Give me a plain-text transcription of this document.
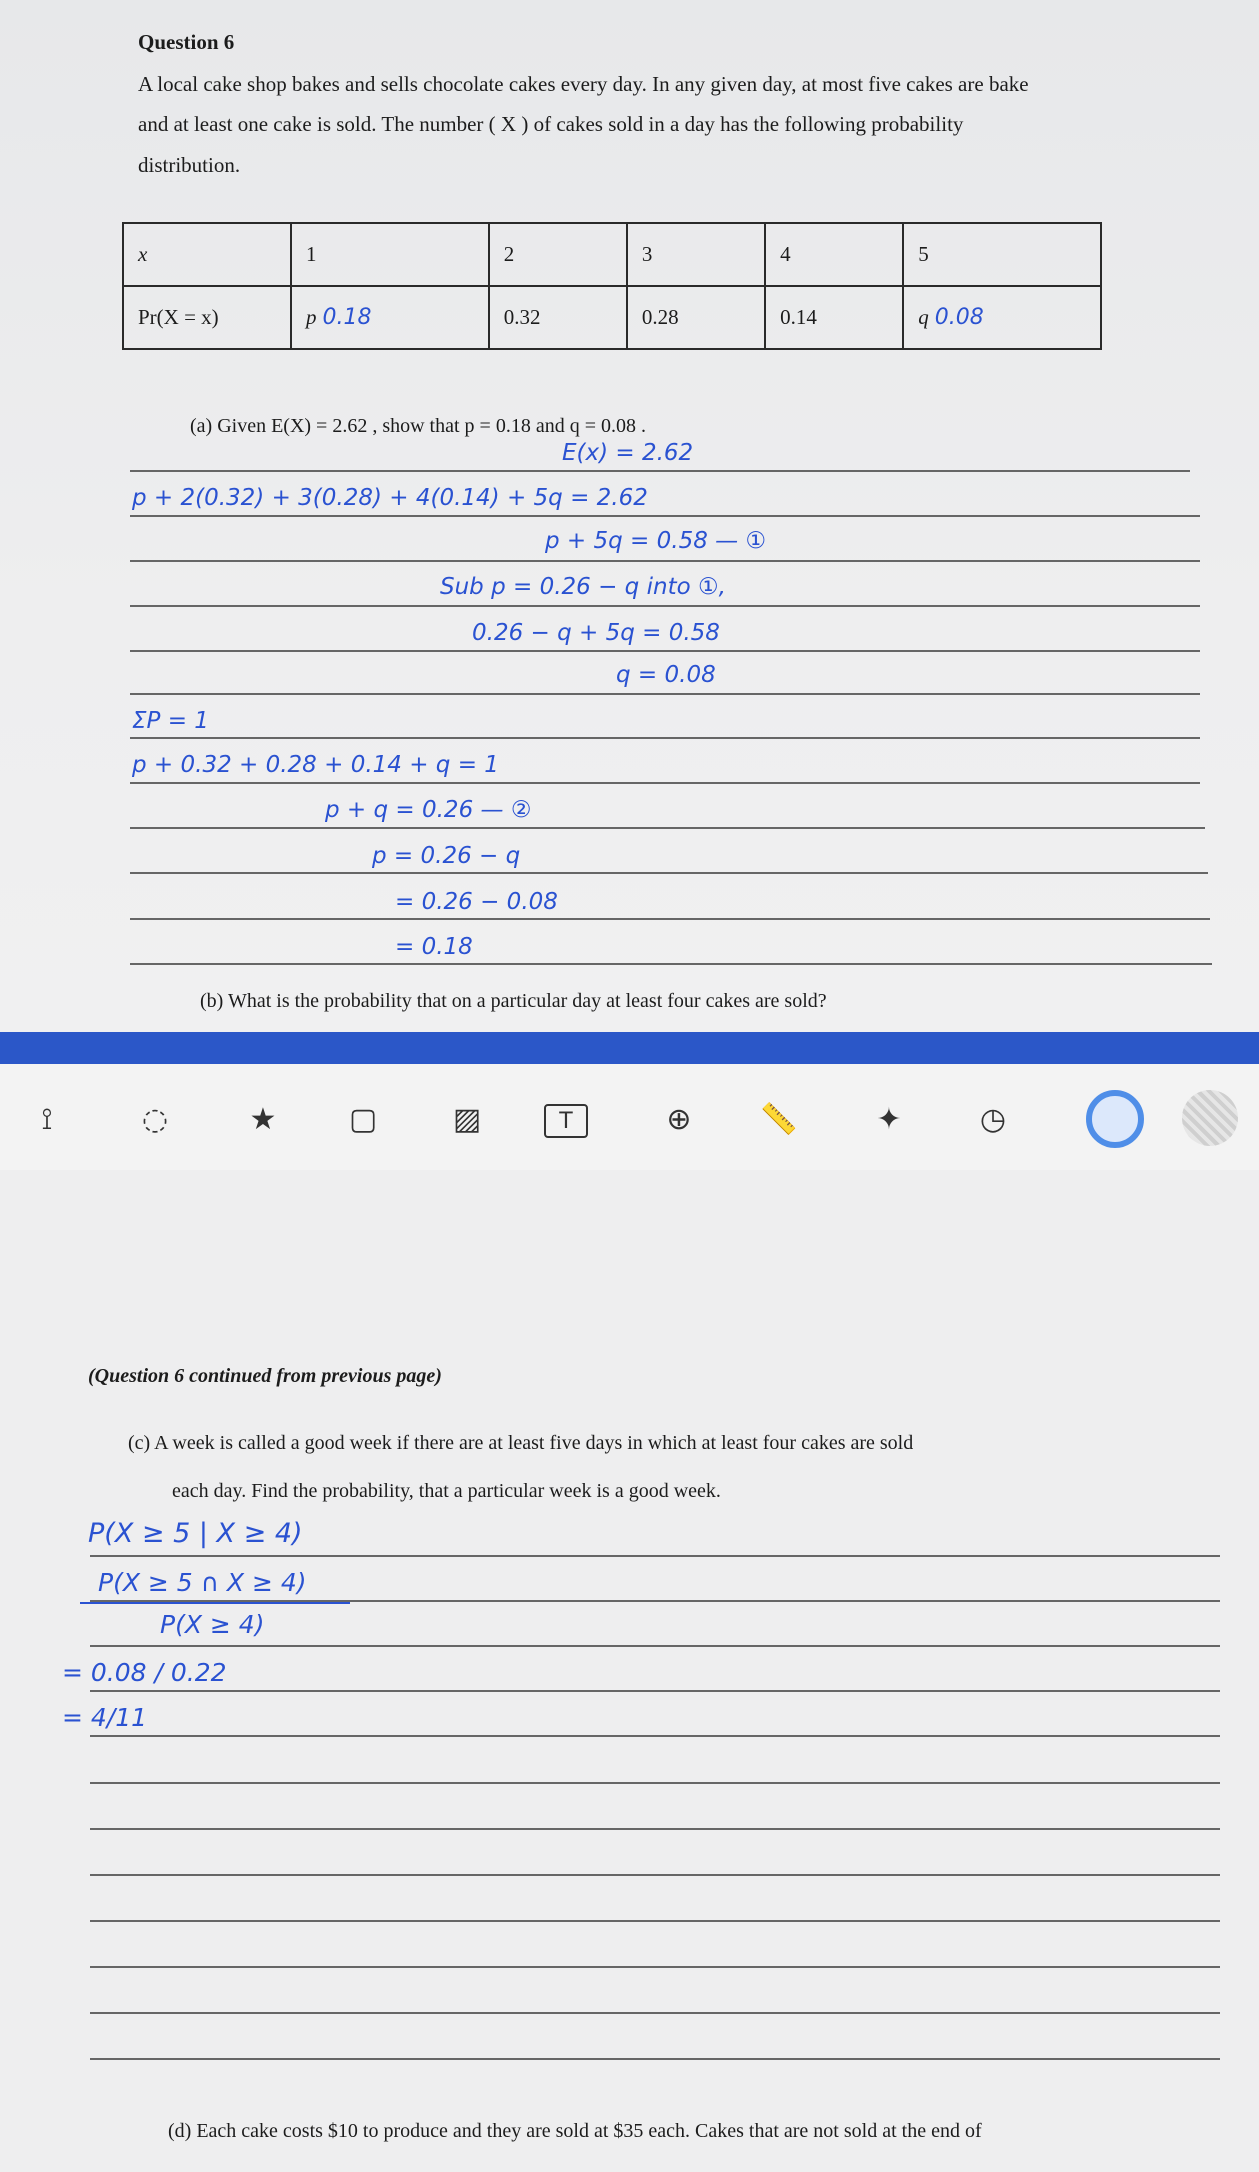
Question 6
A local cake shop bakes and sells chocolate cakes every day. In any given day, at most five cakes are bake
and at least one cake is sold. The number ( X ) of cakes sold in a day has the following probability
distribution.
x	1	2	3	4	5
Pr(X = x)	p 0.18	0.32	0.28	0.14	q 0.08
(a) Given E(X) = 2.62 , show that p = 0.18 and q = 0.08 .
E(x) = 2.62
p + 2(0.32) + 3(0.28) + 4(0.14) + 5q = 2.62
p + 5q = 0.58 — ①
Sub p = 0.26 − q into ①,
0.26 − q + 5q = 0.58
q = 0.08
ΣP = 1
p + 0.32 + 0.28 + 0.14 + q = 1
p + q = 0.26 — ②
p = 0.26 − q
= 0.26 − 0.08
= 0.18
(b) What is the probability that on a particular day at least four cakes are sold?
⟟	◌	★	▢	▨	T	⊕	📏	✦	◷
(Question 6 continued from previous page)
(c) A week is called a good week if there are at least five days in which at least four cakes are sold
each day. Find the probability, that a particular week is a good week.
P(X ≥ 5 | X ≥ 4)
P(X ≥ 5 ∩ X ≥ 4)
P(X ≥ 4)
= 0.08 / 0.22
= 4/11
(d) Each cake costs $10 to produce and they are sold at $35 each. Cakes that are not sold at the end of
